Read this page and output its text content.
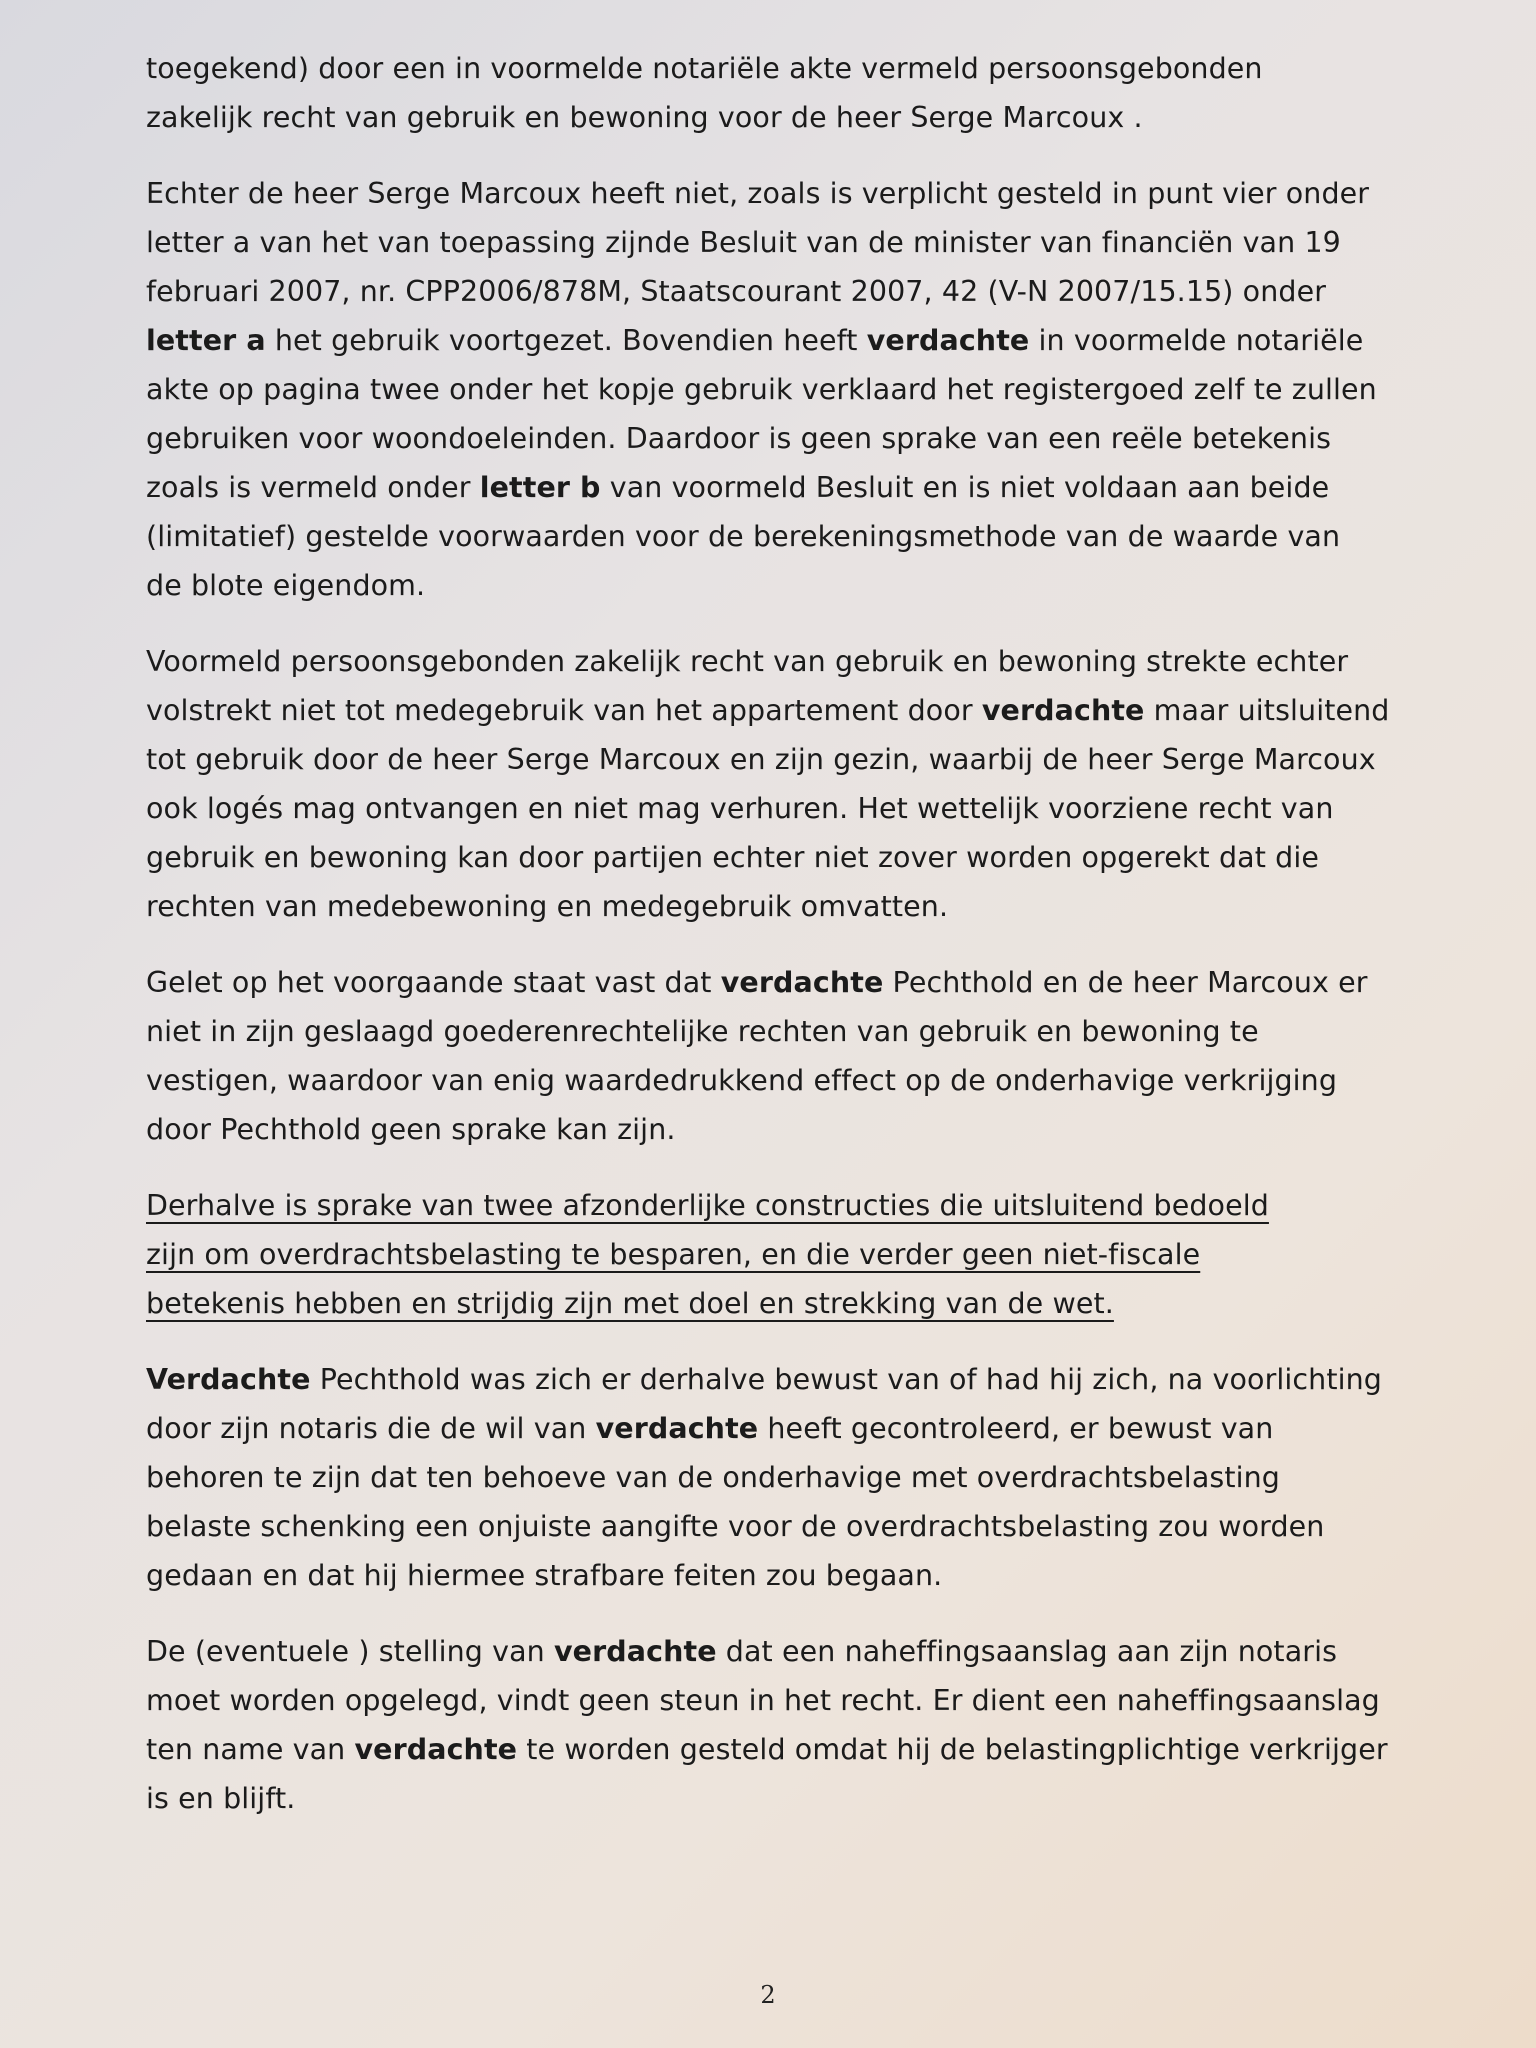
toegekend) door een in voormelde notariële akte vermeld persoonsgebonden
zakelijk recht van gebruik en bewoning voor de heer Serge Marcoux .
Echter de heer Serge Marcoux heeft niet, zoals is verplicht gesteld in punt vier onder
letter a van het van toepassing zijnde Besluit van de minister van financiën van 19
februari 2007, nr. CPP2006/878M, Staatscourant 2007, 42 (V-N 2007/15.15) onder
letter a het gebruik voortgezet. Bovendien heeft verdachte in voormelde notariële
akte op pagina twee onder het kopje gebruik verklaard het registergoed zelf te zullen
gebruiken voor woondoeleinden. Daardoor is geen sprake van een reële betekenis
zoals is vermeld onder letter b van voormeld Besluit en is niet voldaan aan beide
(limitatief) gestelde voorwaarden voor de berekeningsmethode van de waarde van
de blote eigendom.
Voormeld persoonsgebonden zakelijk recht van gebruik en bewoning strekte echter
volstrekt niet tot medegebruik van het appartement door verdachte maar uitsluitend
tot gebruik door de heer Serge Marcoux en zijn gezin, waarbij de heer Serge Marcoux
ook logés mag ontvangen en niet mag verhuren. Het wettelijk voorziene recht van
gebruik en bewoning kan door partijen echter niet zover worden opgerekt dat die
rechten van medebewoning en medegebruik omvatten.
Gelet op het voorgaande staat vast dat verdachte Pechthold en de heer Marcoux er
niet in zijn geslaagd goederenrechtelijke rechten van gebruik en bewoning te
vestigen, waardoor van enig waardedrukkend effect op de onderhavige verkrijging
door Pechthold geen sprake kan zijn.
Derhalve is sprake van twee afzonderlijke constructies die uitsluitend bedoeld
zijn om overdrachtsbelasting te besparen, en die verder geen niet-fiscale
betekenis hebben en strijdig zijn met doel en strekking van de wet.
Verdachte Pechthold was zich er derhalve bewust van of had hij zich, na voorlichting
door zijn notaris die de wil van verdachte heeft gecontroleerd, er bewust van
behoren te zijn dat ten behoeve van de onderhavige met overdrachtsbelasting
belaste schenking een onjuiste aangifte voor de overdrachtsbelasting zou worden
gedaan en dat hij hiermee strafbare feiten zou begaan.
De (eventuele ) stelling van verdachte dat een naheffingsaanslag aan zijn notaris
moet worden opgelegd, vindt geen steun in het recht. Er dient een naheffingsaanslag
ten name van verdachte te worden gesteld omdat hij de belastingplichtige verkrijger
is en blijft.
2
